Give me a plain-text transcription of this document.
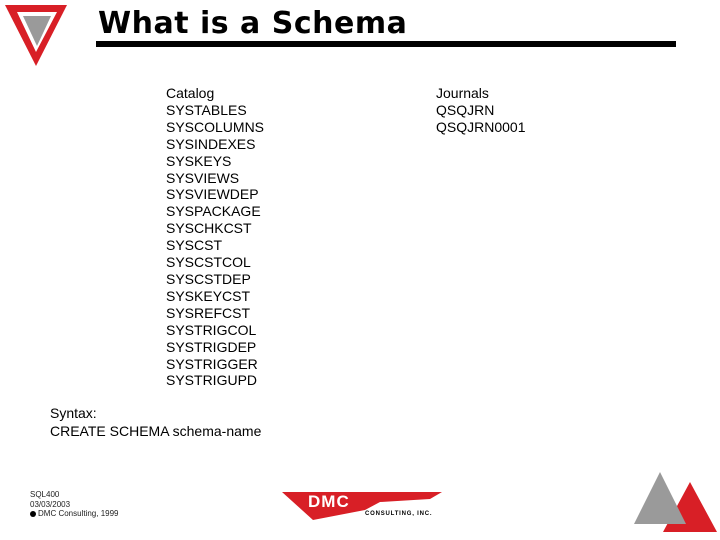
What is a Schema
Catalog
SYSTABLES
SYSCOLUMNS
SYSINDEXES
SYSKEYS
SYSVIEWS
SYSVIEWDEP
SYSPACKAGE
SYSCHKCST
SYSCST
SYSCSTCOL
SYSCSTDEP
SYSKEYCST
SYSREFCST
SYSTRIGCOL
SYSTRIGDEP
SYSTRIGGER
SYSTRIGUPD
Journals
QSQJRN
QSQJRN0001
Syntax:
CREATE SCHEMA schema-name
SQL400
03/03/2003
DMC Consulting, 1999
DMC
CONSULTING, INC.
